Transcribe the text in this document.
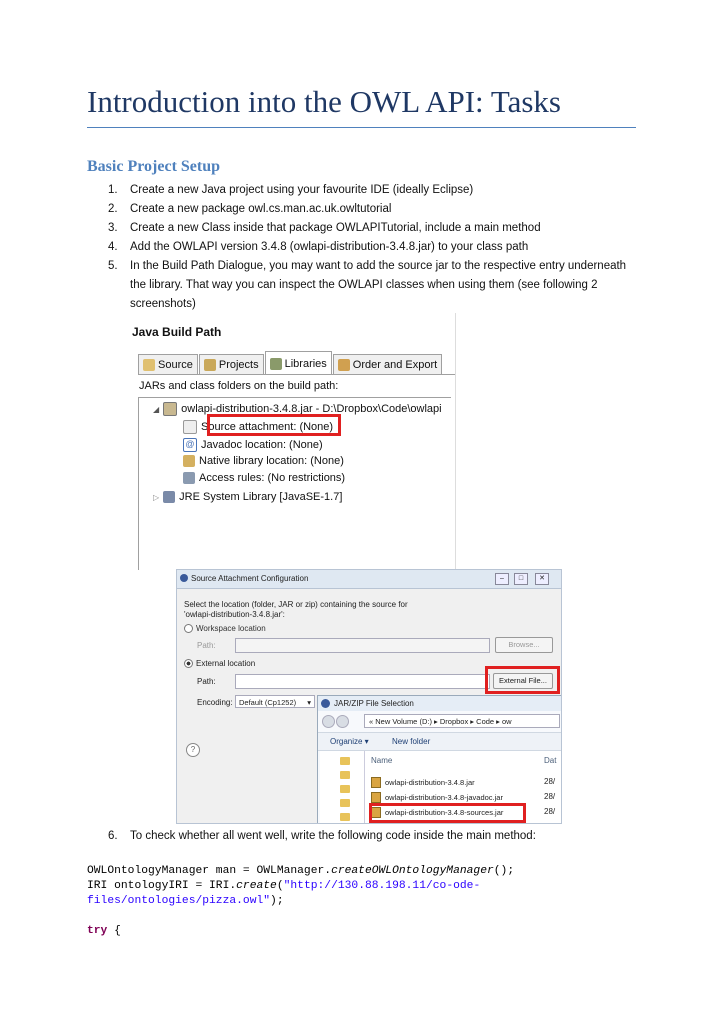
Introduction into the OWL API: Tasks
Basic Project Setup
1. Create a new Java project using your favourite IDE (ideally Eclipse)
2. Create a new package owl.cs.man.ac.uk.owltutorial
3. Create a new Class inside that package OWLAPITutorial, include a main method
4. Add the OWLAPI version 3.4.8 (owlapi-distribution-3.4.8.jar) to your class path
5. In the Build Path Dialogue, you may want to add the source jar to the respective entry underneath the library. That way you can inspect the OWLAPI classes when using them (see following 2 screenshots)
Java Build Path
Source Projects Libraries Order and Export
JARs and class folders on the build path:
◢ owlapi-distribution-3.4.8.jar - D:\Dropbox\Code\owlapi
Source attachment: (None)
@ Javadoc location: (None)
Native library location: (None)
Access rules: (No restrictions)
▷ JRE System Library [JavaSE-1.7]
Source Attachment Configuration	–	□	✕
Select the location (folder, JAR or zip) containing the source for
'owlapi-distribution-3.4.8.jar':
Workspace location
Path:	Browse...
External location
Path:	External File...
Encoding: Default (Cp1252) ▾
?
JAR/ZIP File Selection
« New Volume (D:) ▸ Dropbox ▸ Code ▸ ow
Organize ▾	New folder
Name	Dat
owlapi-distribution-3.4.8.jar	28/
owlapi-distribution-3.4.8-javadoc.jar	28/
owlapi-distribution-3.4.8-sources.jar	28/
6. To check whether all went well, write the following code inside the main method:
OWLOntologyManager man = OWLManager.createOWLOntologyManager();
IRI ontologyIRI = IRI.create("http://130.88.198.11/co-ode-
files/ontologies/pizza.owl");

try {
